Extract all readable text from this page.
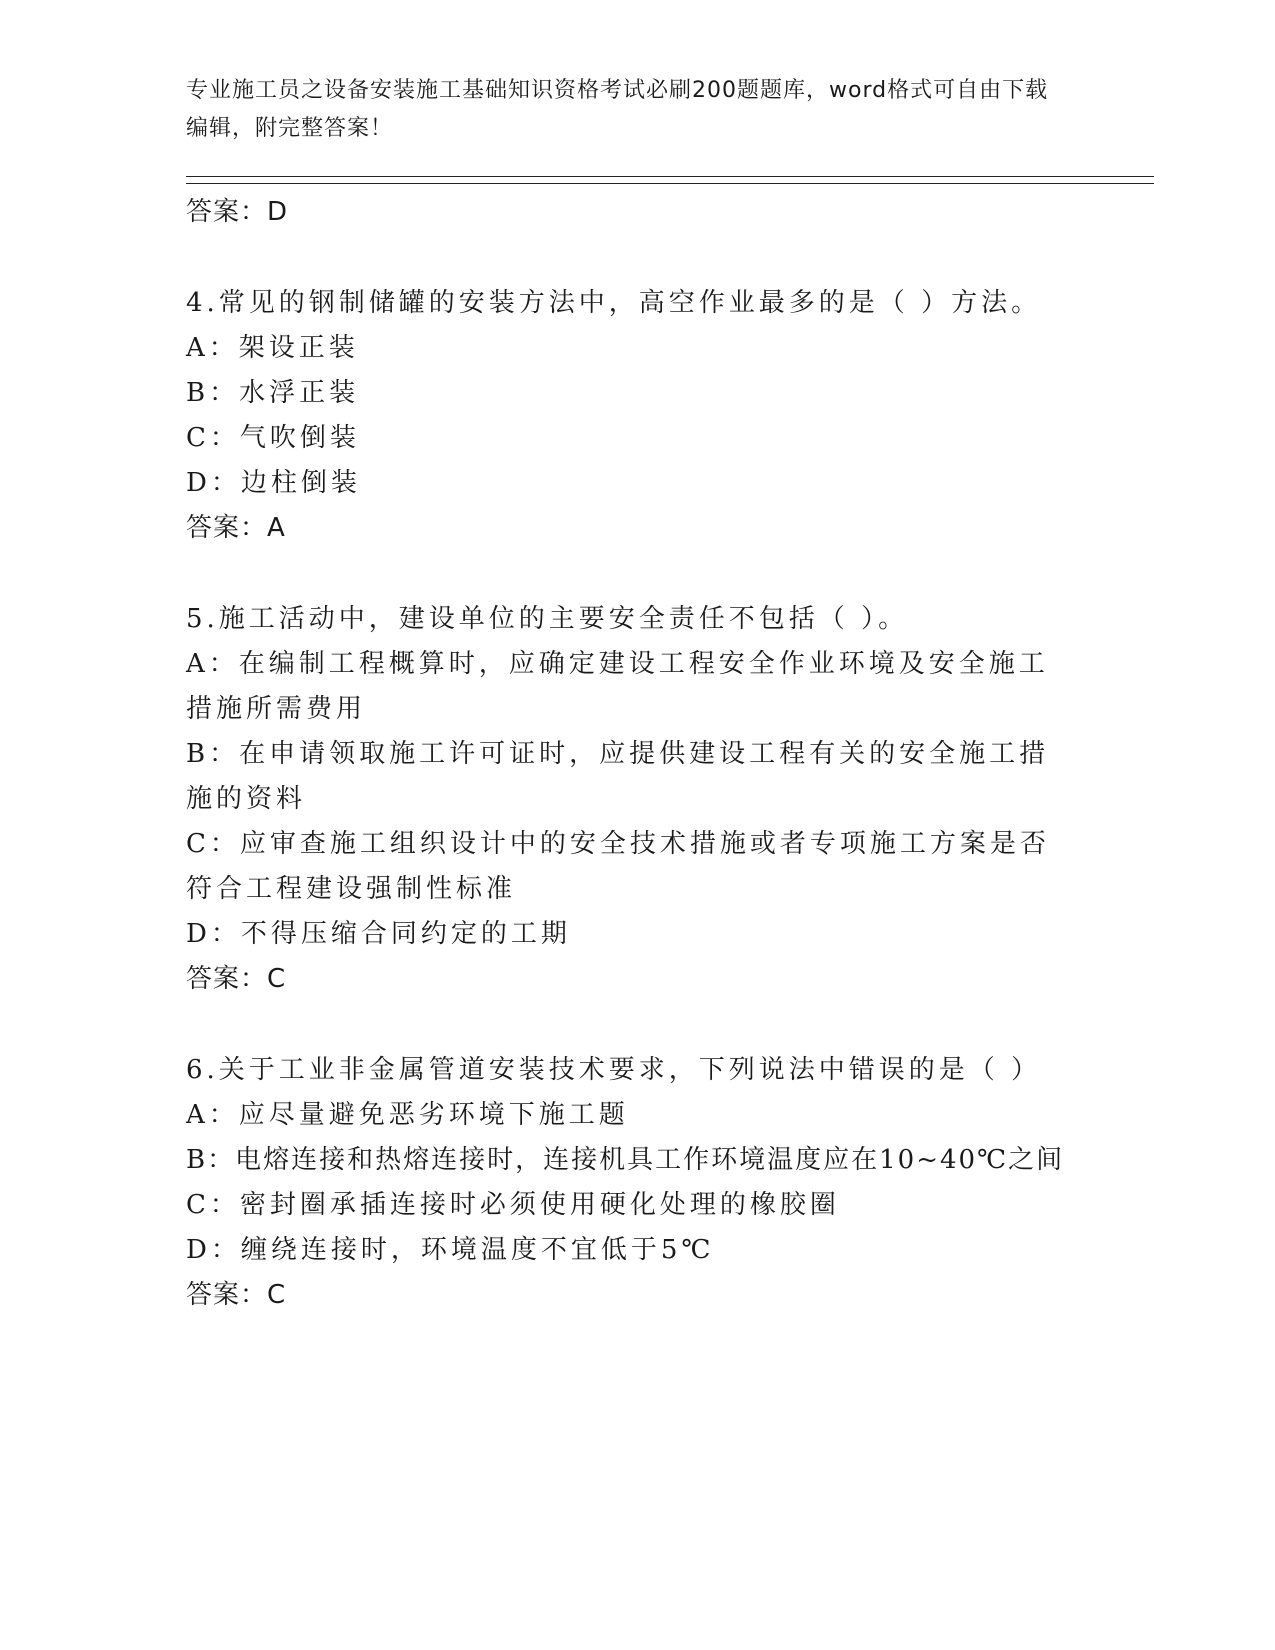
专业施工员之设备安装施工基础知识资格考试必刷200题题库，word格式可自由下载编辑，附完整答案！

答案：D

4.常见的钢制储罐的安装方法中，高空作业最多的是（ ）方法。

A：架设正装

B：水浮正装

C：气吹倒装

D：边柱倒装

答案：A

5.施工活动中，建设单位的主要安全责任不包括（ ）。

A：在编制工程概算时，应确定建设工程安全作业环境及安全施工措施所需费用

B：在申请领取施工许可证时，应提供建设工程有关的安全施工措施的资料

C：应审查施工组织设计中的安全技术措施或者专项施工方案是否符合工程建设强制性标准

D：不得压缩合同约定的工期

答案：C

6.关于工业非金属管道安装技术要求，下列说法中错误的是（ ）

A：应尽量避免恶劣环境下施工题

B：电熔连接和热熔连接时，连接机具工作环境温度应在10~40℃之间

C：密封圈承插连接时必须使用硬化处理的橡胶圈

D：缠绕连接时，环境温度不宜低于5℃

答案：C
